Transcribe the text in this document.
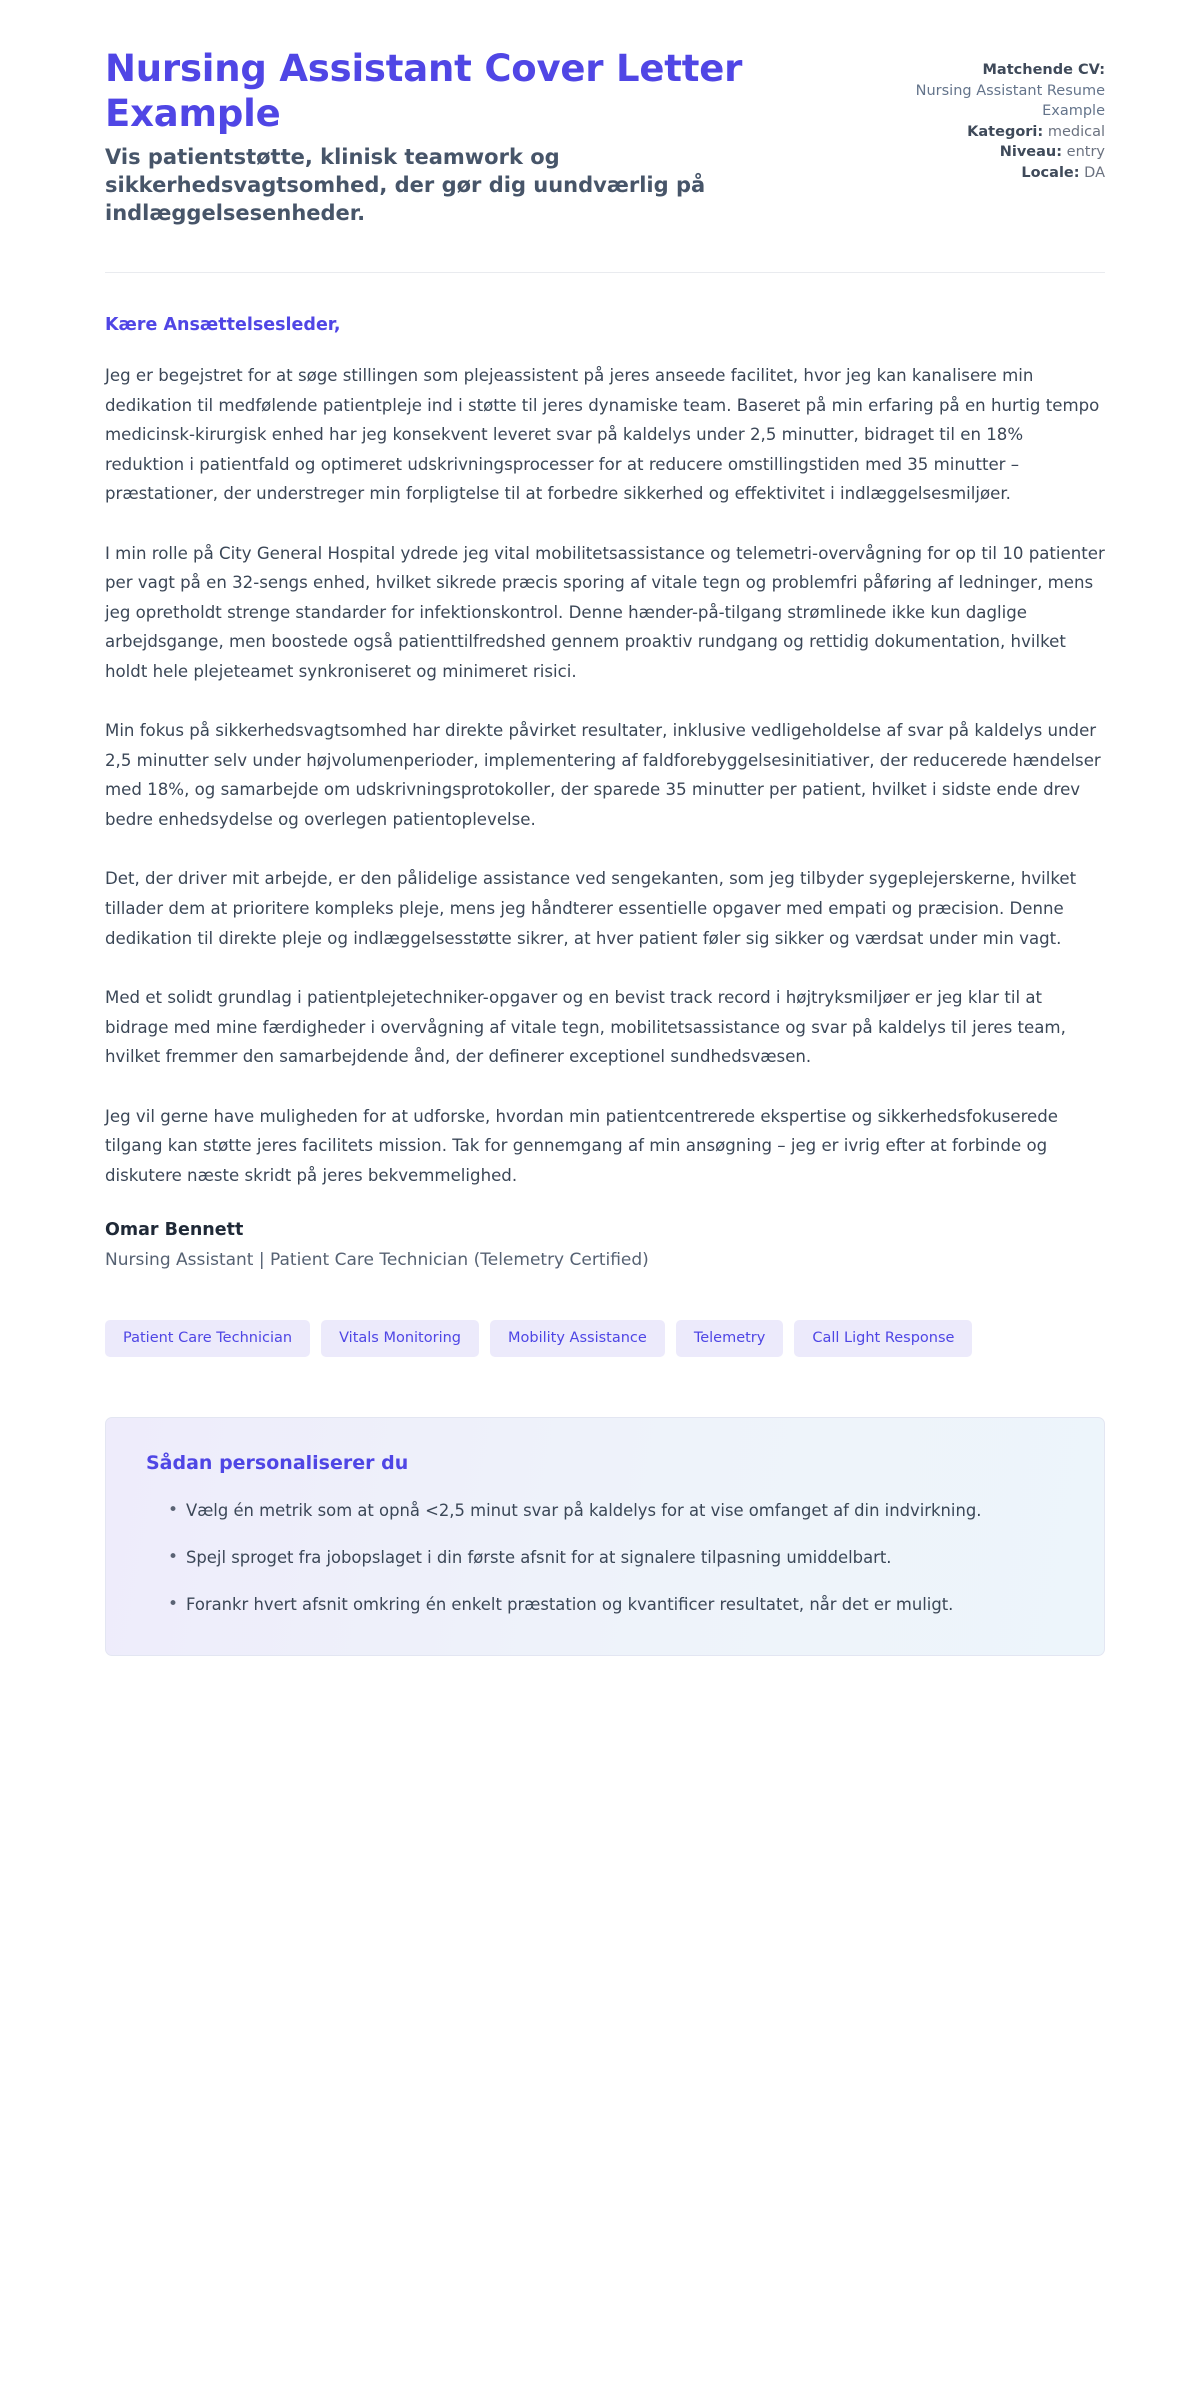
Nursing Assistant Cover Letter Example

Vis patientstøtte, klinisk teamwork og sikkerhedsvagtsomhed, der gør dig uundværlig på indlæggelsesenheder.

Matchende CV:
Nursing Assistant Resume Example
Kategori: medical
Niveau: entry
Locale: DA

Kære Ansættelsesleder,

Jeg er begejstret for at søge stillingen som plejeassistent på jeres anseede facilitet, hvor jeg kan kanalisere min dedikation til medfølende patientpleje ind i støtte til jeres dynamiske team. Baseret på min erfaring på en hurtig tempo medicinsk-kirurgisk enhed har jeg konsekvent leveret svar på kaldelys under 2,5 minutter, bidraget til en 18% reduktion i patientfald og optimeret udskrivningsprocesser for at reducere omstillingstiden med 35 minutter – præstationer, der understreger min forpligtelse til at forbedre sikkerhed og effektivitet i indlæggelsesmiljøer.

I min rolle på City General Hospital ydrede jeg vital mobilitetsassistance og telemetri-overvågning for op til 10 patienter per vagt på en 32-sengs enhed, hvilket sikrede præcis sporing af vitale tegn og problemfri påføring af ledninger, mens jeg opretholdt strenge standarder for infektionskontrol. Denne hænder-på-tilgang strømlinede ikke kun daglige arbejdsgange, men boostede også patienttilfredshed gennem proaktiv rundgang og rettidig dokumentation, hvilket holdt hele plejeteamet synkroniseret og minimeret risici.

Min fokus på sikkerhedsvagtsomhed har direkte påvirket resultater, inklusive vedligeholdelse af svar på kaldelys under 2,5 minutter selv under højvolumenperioder, implementering af faldforebyggelsesinitiativer, der reducerede hændelser med 18%, og samarbejde om udskrivningsprotokoller, der sparede 35 minutter per patient, hvilket i sidste ende drev bedre enhedsydelse og overlegen patientoplevelse.

Det, der driver mit arbejde, er den pålidelige assistance ved sengekanten, som jeg tilbyder sygeplejerskerne, hvilket tillader dem at prioritere kompleks pleje, mens jeg håndterer essentielle opgaver med empati og præcision. Denne dedikation til direkte pleje og indlæggelsesstøtte sikrer, at hver patient føler sig sikker og værdsat under min vagt.

Med et solidt grundlag i patientplejetechniker-opgaver og en bevist track record i højtryksmiljøer er jeg klar til at bidrage med mine færdigheder i overvågning af vitale tegn, mobilitetsassistance og svar på kaldelys til jeres team, hvilket fremmer den samarbejdende ånd, der definerer exceptionel sundhedsvæsen.

Jeg vil gerne have muligheden for at udforske, hvordan min patientcentrerede ekspertise og sikkerhedsfokuserede tilgang kan støtte jeres facilitets mission. Tak for gennemgang af min ansøgning – jeg er ivrig efter at forbinde og diskutere næste skridt på jeres bekvemmelighed.

Omar Bennett

Nursing Assistant | Patient Care Technician (Telemetry Certified)

Patient Care Technician	Vitals Monitoring	Mobility Assistance	Telemetry	Call Light Response
Sådan personaliserer du
• Vælg én metrik som at opnå <2,5 minut svar på kaldelys for at vise omfanget af din indvirkning.
• Spejl sproget fra jobopslaget i din første afsnit for at signalere tilpasning umiddelbart.
• Forankr hvert afsnit omkring én enkelt præstation og kvantificer resultatet, når det er muligt.
